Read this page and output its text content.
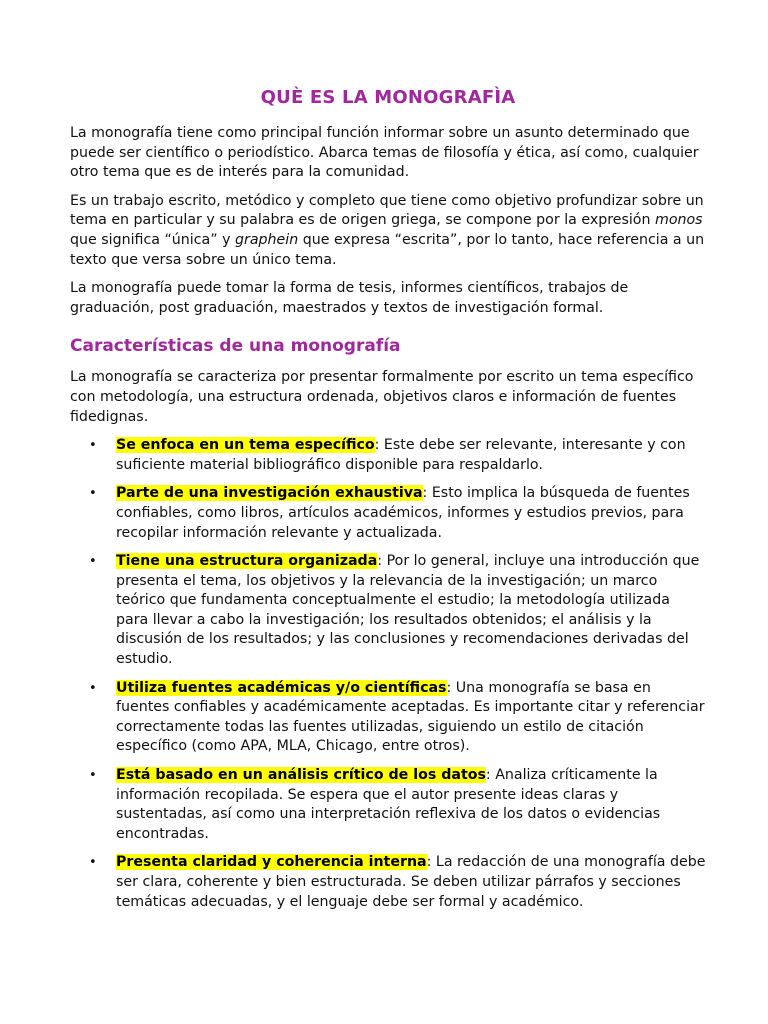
QUÈ ES LA MONOGRAFÌA

La monografía tiene como principal función informar sobre un asunto determinado que puede ser científico o periodístico. Abarca temas de filosofía y ética, así como, cualquier otro tema que es de interés para la comunidad.

Es un trabajo escrito, metódico y completo que tiene como objetivo profundizar sobre un tema en particular y su palabra es de origen griega, se compone por la expresión monos que significa “única” y graphein que expresa “escrita”, por lo tanto, hace referencia a un texto que versa sobre un único tema.

La monografía puede tomar la forma de tesis, informes científicos, trabajos de graduación, post graduación, maestrados y textos de investigación formal.

Características de una monografía

La monografía se caracteriza por presentar formalmente por escrito un tema específico con metodología, una estructura ordenada, objetivos claros e información de fuentes fidedignas.

• Se enfoca en un tema específico: Este debe ser relevante, interesante y con suficiente material bibliográfico disponible para respaldarlo.
• Parte de una investigación exhaustiva: Esto implica la búsqueda de fuentes confiables, como libros, artículos académicos, informes y estudios previos, para recopilar información relevante y actualizada.
• Tiene una estructura organizada: Por lo general, incluye una introducción que presenta el tema, los objetivos y la relevancia de la investigación; un marco teórico que fundamenta conceptualmente el estudio; la metodología utilizada para llevar a cabo la investigación; los resultados obtenidos; el análisis y la discusión de los resultados; y las conclusiones y recomendaciones derivadas del estudio.
• Utiliza fuentes académicas y/o científicas: Una monografía se basa en fuentes confiables y académicamente aceptadas. Es importante citar y referenciar correctamente todas las fuentes utilizadas, siguiendo un estilo de citación específico (como APA, MLA, Chicago, entre otros).
• Está basado en un análisis crítico de los datos: Analiza críticamente la información recopilada. Se espera que el autor presente ideas claras y sustentadas, así como una interpretación reflexiva de los datos o evidencias encontradas.
• Presenta claridad y coherencia interna: La redacción de una monografía debe ser clara, coherente y bien estructurada. Se deben utilizar párrafos y secciones temáticas adecuadas, y el lenguaje debe ser formal y académico.
